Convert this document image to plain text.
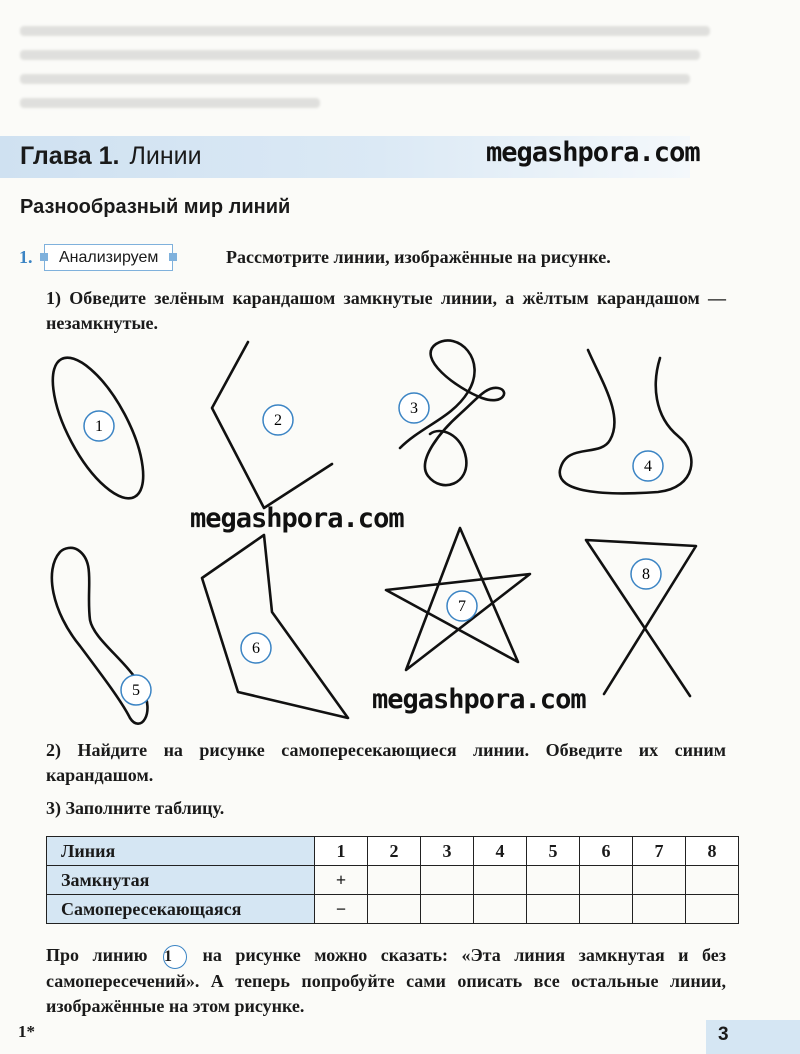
Глава 1. Линии	megashpora.com
Разнообразный мир линий
1.	Анализируем	Рассмотрите линии, изображённые на рисунке.
1) Обведите зелёным карандашом замкнутые линии, а жёлтым карандашом — незамкнутые.
1	2
3
4
5
6
7
8
megashpora.com
megashpora.com
2) Найдите на рисунке самопересекающиеся линии. Обведите их синим карандашом.
3) Заполните таблицу.
Линия	1	2	3	4	5	6	7	8
Замкнутая	+							
Самопересекающаяся	−							
Про линию 1 на рисунке можно сказать: «Эта линия замкнутая и без самопересечений». А теперь попробуйте сами описать все остальные линии, изображённые на этом рисунке.
1*	3
